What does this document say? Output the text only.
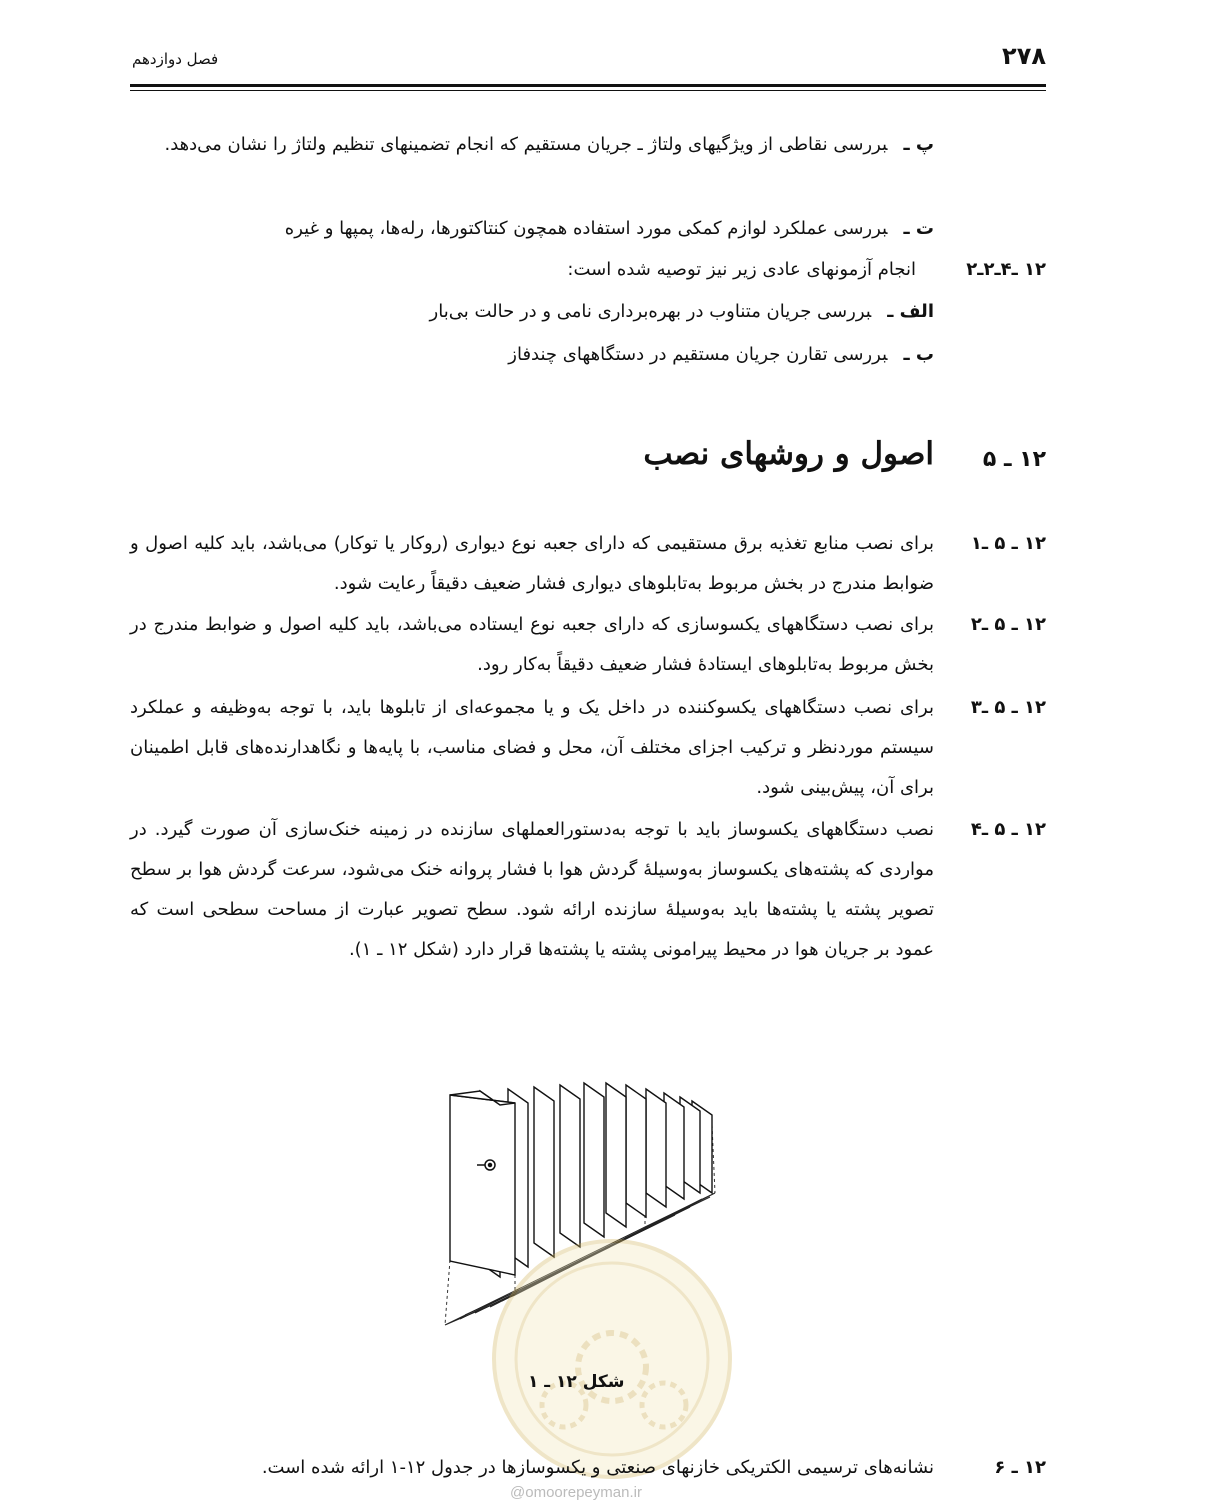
۲۷۸
فصل دوازدهم
پ ـبررسی نقاطی از ویژگیهای ولتاژ ـ جریان مستقیم که انجام تضمینهای تنظیم ولتاژ را نشان می‌دهد.
ت ـبررسی عملکرد لوازم کمکی مورد استفاده همچون کنتاکتورها، رله‌ها، پمپها و غیره
۱۲ ـ۴ـ۲ـ۲
انجام آزمونهای عادی زیر نیز توصیه شده است:
الف ـبررسی جریان متناوب در بهره‌برداری نامی و در حالت بی‌بار
ب ـبررسی تقارن جریان مستقیم در دستگاههای چندفاز
۱۲ ـ ۵
اصول و روشهای نصب
۱۲ ـ ۵ ـ۱
برای نصب منابع تغذیه برق مستقیمی که دارای جعبه نوع دیواری (روکار یا توکار) می‌باشد، باید کلیه اصول و ضوابط مندرج در بخش مربوط به‌تابلوهای دیواری فشار ضعیف دقیقاً رعایت شود.
۱۲ ـ ۵ ـ۲
برای نصب دستگاههای یکسوسازی که دارای جعبه نوع ایستاده می‌باشد، باید کلیه اصول و ضوابط مندرج در بخش مربوط به‌تابلوهای ایستادهٔ فشار ضعیف دقیقاً به‌کار رود.
۱۲ ـ ۵ ـ۳
برای نصب دستگاههای یکسوکننده در داخل یک و یا مجموعه‌ای از تابلوها باید، با توجه به‌وظیفه و عملکرد سیستم موردنظر و ترکیب اجزای مختلف آن، محل و فضای مناسب، با پایه‌ها و نگاهدارنده‌های قابل اطمینان برای آن، پیش‌بینی شود.
۱۲ ـ ۵ ـ۴
نصب دستگاههای یکسوساز باید با توجه به‌دستورالعملهای سازنده در زمینه خنک‌سازی آن صورت گیرد. در مواردی که پشته‌های یکسوساز به‌وسیلهٔ گردش هوا با فشار پروانه خنک می‌شود، سرعت گردش هوا بر سطح تصویر پشته یا پشته‌ها باید به‌وسیلهٔ سازنده ارائه شود. سطح تصویر عبارت از مساحت سطحی است که عمود بر جریان هوا در محیط پیرامونی پشته یا پشته‌ها قرار دارد (شکل ۱۲ ـ ۱).
شکل ۱۲ ـ ۱
۱۲ ـ ۶
نشانه‌های ترسیمی الکتریکی خازنهای صنعتی و یکسوسازها در جدول ۱۲-۱ ارائه شده است.
@omoorepeyman.ir
